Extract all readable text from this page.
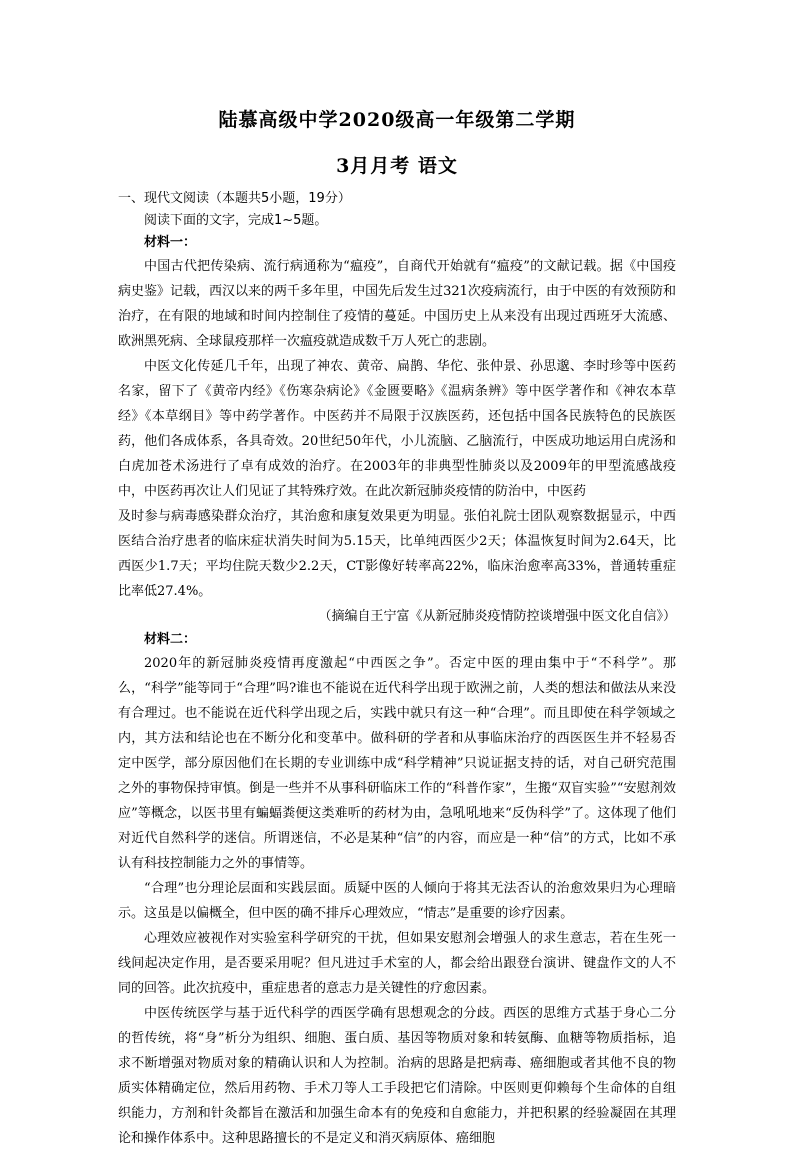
陆慕高级中学2020级高一年级第二学期
3月月考 语文

一、现代文阅读（本题共5小题，19分）

阅读下面的文字，完成1~5题。

材料一：

中国古代把传染病、流行病通称为“瘟疫”，自商代开始就有“瘟疫”的文献记载。据《中国疫病史鉴》记载，西汉以来的两千多年里，中国先后发生过321次疫病流行，由于中医的有效预防和治疗，在有限的地域和时间内控制住了疫情的蔓延。中国历史上从来没有出现过西班牙大流感、欧洲黑死病、全球鼠疫那样一次瘟疫就造成数千万人死亡的悲剧。

中医文化传延几千年，出现了神农、黄帝、扁鹊、华佗、张仲景、孙思邈、李时珍等中医药名家，留下了《黄帝内经》《伤寒杂病论》《金匮要略》《温病条辨》等中医学著作和《神农本草经》《本草纲目》等中药学著作。中医药并不局限于汉族医药，还包括中国各民族特色的民族医药，他们各成体系，各具奇效。20世纪50年代，小儿流脑、乙脑流行，中医成功地运用白虎汤和白虎加苍术汤进行了卓有成效的治疗。在2003年的非典型性肺炎以及2009年的甲型流感战疫中，中医药再次让人们见证了其特殊疗效。在此次新冠肺炎疫情的防治中，中医药

及时参与病毒感染群众治疗，其治愈和康复效果更为明显。张伯礼院士团队观察数据显示，中西医结合治疗患者的临床症状消失时间为5.15天，比单纯西医少2天；体温恢复时间为2.64天，比西医少1.7天；平均住院天数少2.2天，CT影像好转率高22%，临床治愈率高33%，普通转重症比率低27.4%。

（摘编自王宁富《从新冠肺炎疫情防控谈增强中医文化自信》）

材料二：

2020年的新冠肺炎疫情再度激起“中西医之争”。否定中医的理由集中于“不科学”。那么，“科学”能等同于“合理”吗?谁也不能说在近代科学出现于欧洲之前，人类的想法和做法从来没有合理过。也不能说在近代科学出现之后，实践中就只有这一种“合理”。而且即使在科学领域之内，其方法和结论也在不断分化和变革中。做科研的学者和从事临床治疗的西医医生并不轻易否定中医学，部分原因他们在长期的专业训练中成“科学精神”只说证据支持的话，对自己研究范围之外的事物保持审慎。倒是一些并不从事科研临床工作的“科普作家”，生搬“双盲实验”“安慰剂效应”等概念，以医书里有蝙蝠粪便这类难听的药材为由，急吼吼地来“反伪科学”了。这体现了他们对近代自然科学的迷信。所谓迷信，不必是某种“信”的内容，而应是一种“信”的方式，比如不承认有科技控制能力之外的事情等。

“合理”也分理论层面和实践层面。质疑中医的人倾向于将其无法否认的治愈效果归为心理暗示。这虽是以偏概全，但中医的确不排斥心理效应，“情志”是重要的诊疗因素。

心理效应被视作对实验室科学研究的干扰，但如果安慰剂会增强人的求生意志，若在生死一线间起决定作用，是否要采用呢？但凡进过手术室的人，都会给出跟登台演讲、键盘作文的人不同的回答。此次抗疫中，重症患者的意志力是关键性的疗愈因素。

中医传统医学与基于近代科学的西医学确有思想观念的分歧。西医的思维方式基于身心二分的哲传统，将“身”析分为组织、细胞、蛋白质、基因等物质对象和转氨酶、血糖等物质指标，追求不断增强对物质对象的精确认识和人为控制。治病的思路是把病毒、癌细胞或者其他不良的物质实体精确定位，然后用药物、手术刀等人工手段把它们清除。中医则更仰赖每个生命体的自组织能力，方剂和针灸都旨在激活和加强生命本有的免疫和自愈能力，并把积累的经验凝固在其理论和操作体系中。这种思路擅长的不是定义和消灭病原体、癌细胞
